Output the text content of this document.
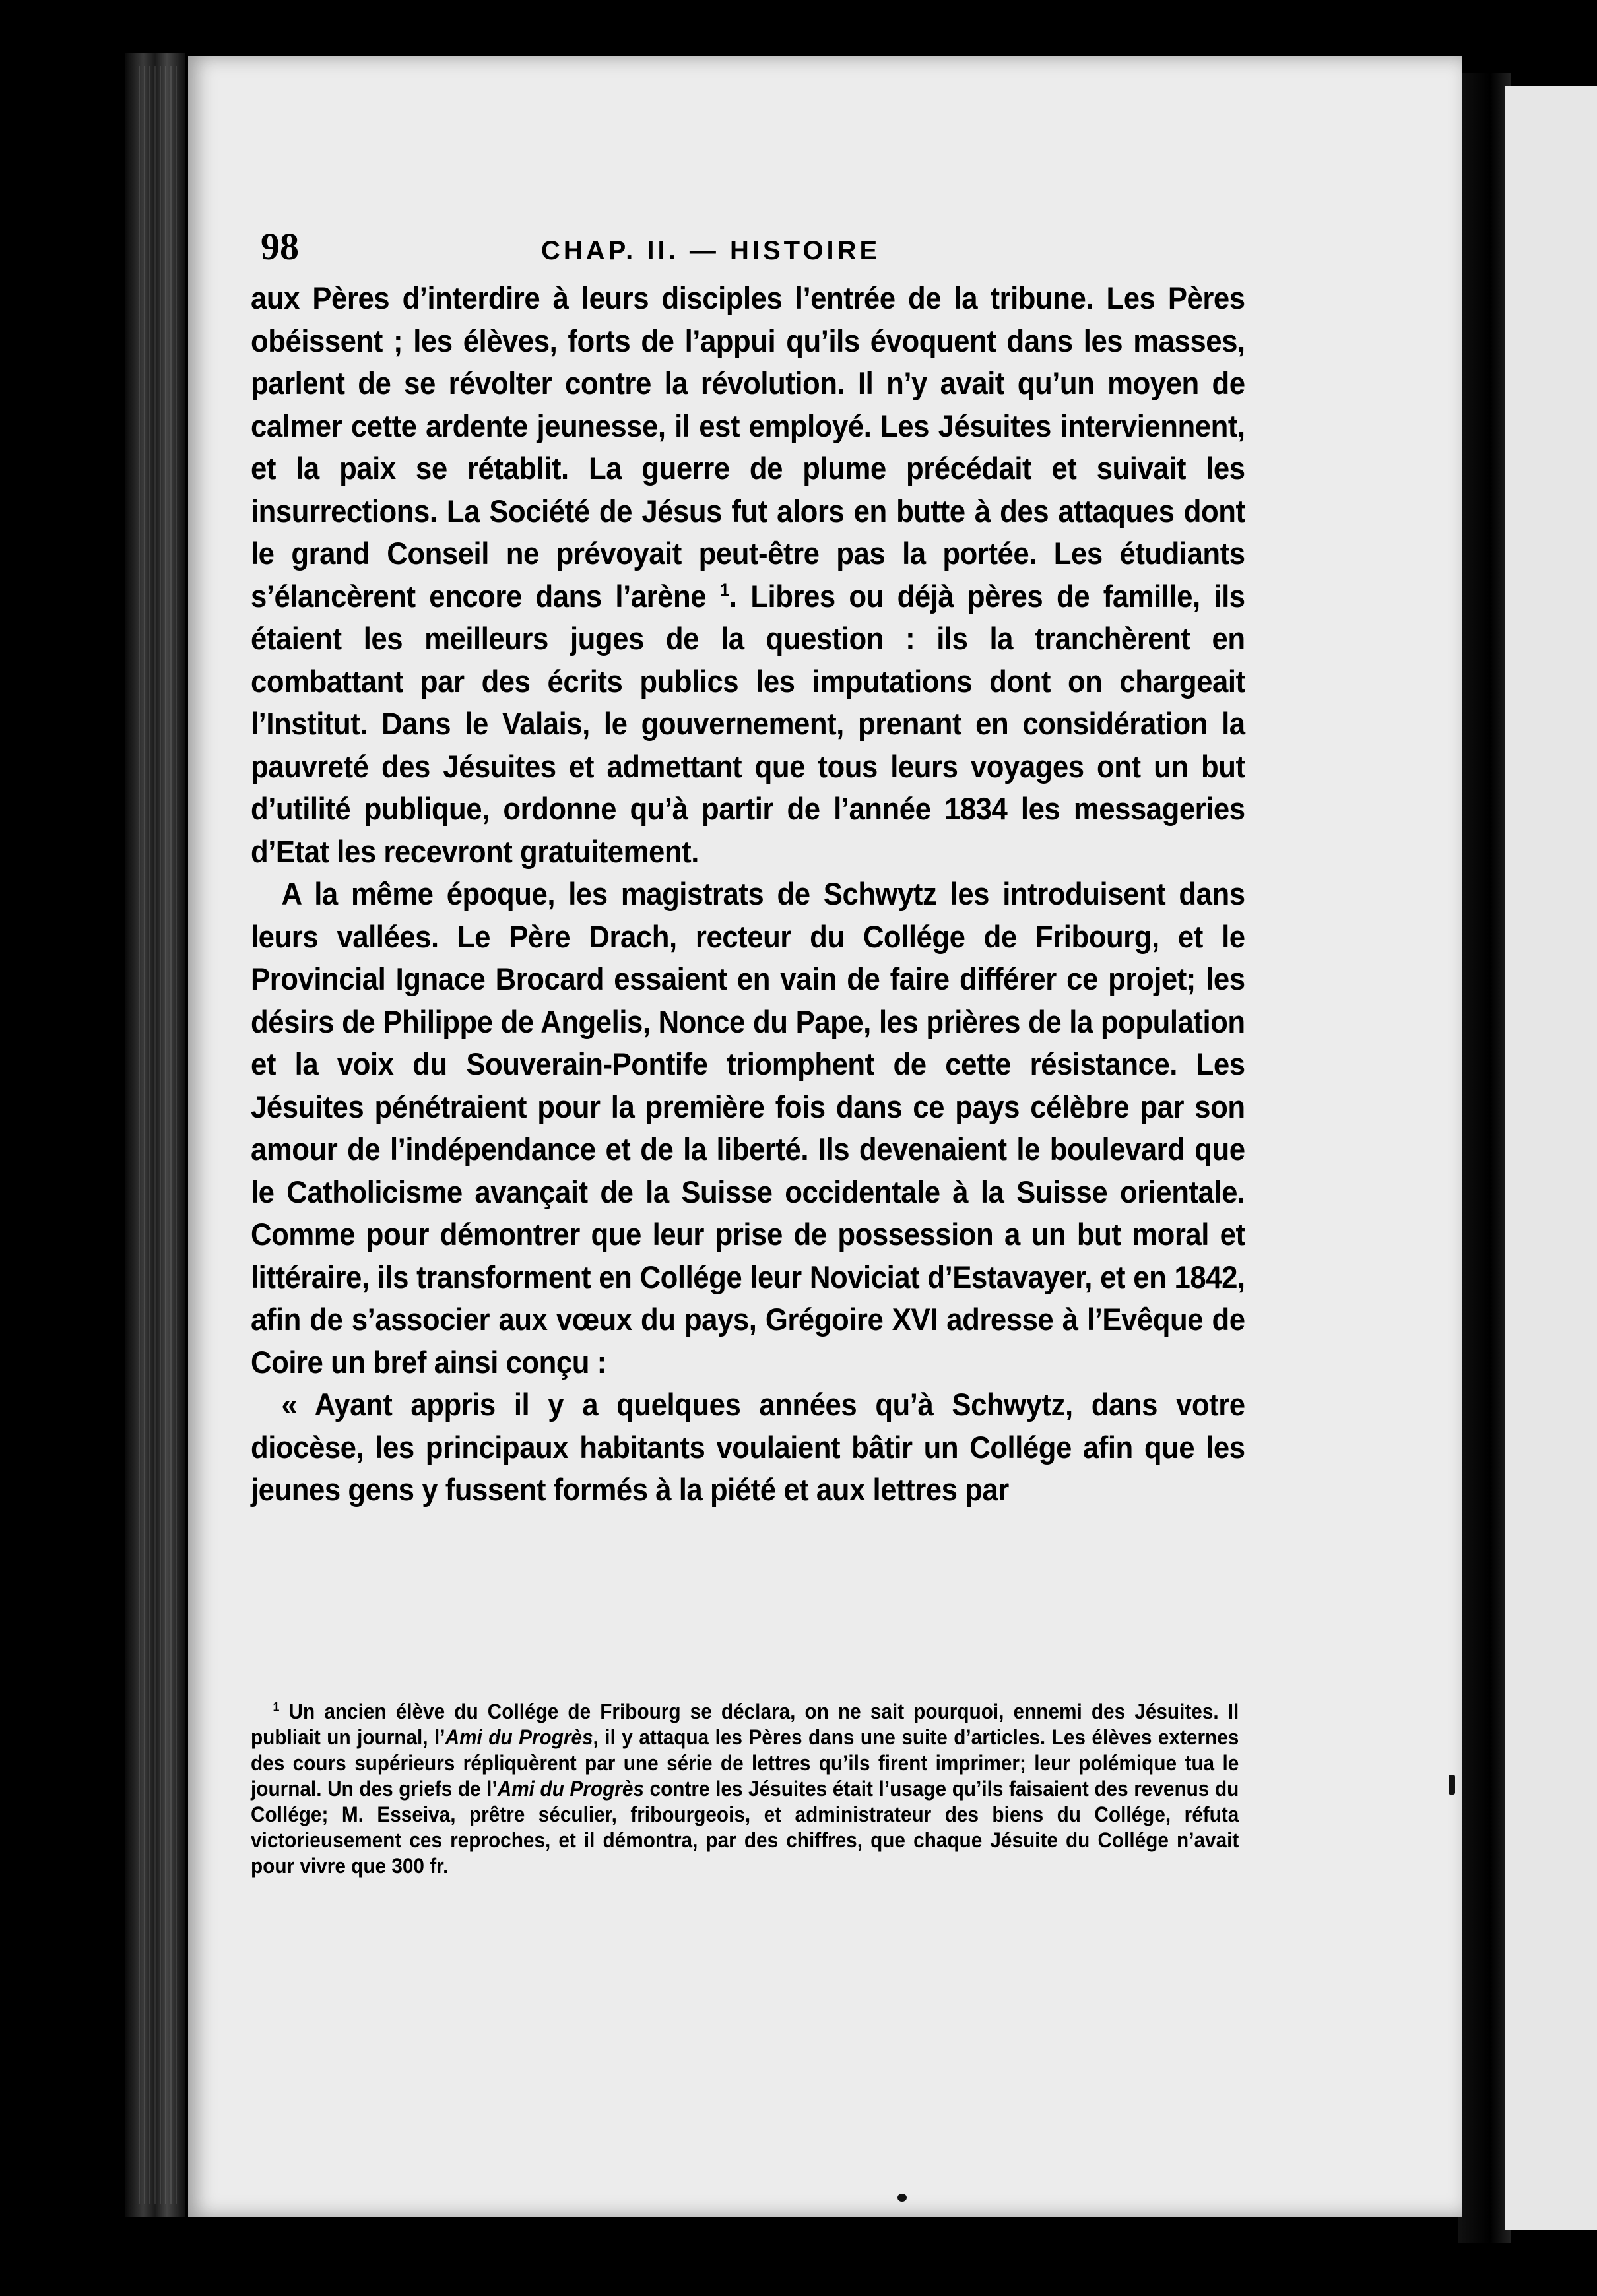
98	CHAP. II. — HISTOIRE

aux Pères d’interdire à leurs disciples l’entrée de la tribune. Les Pères obéissent ; les élèves, forts de l’appui qu’ils évoquent dans les masses, parlent de se révolter contre la révolution. Il n’y avait qu’un moyen de calmer cette ardente jeunesse, il est employé. Les Jésuites interviennent, et la paix se rétablit. La guerre de plume précédait et suivait les insurrections. La Société de Jésus fut alors en butte à des attaques dont le grand Conseil ne prévoyait peut-être pas la portée. Les étudiants s’élancèrent encore dans l’arène $^1$. Libres ou déjà pères de famille, ils étaient les meilleurs juges de la question : ils la tranchèrent en combattant par des écrits publics les imputations dont on chargeait l’Institut. Dans le Valais, le gouvernement, prenant en considération la pauvreté des Jésuites et admettant que tous leurs voyages ont un but d’utilité publique, ordonne qu’à partir de l’année 1834 les messageries d’Etat les recevront gratuitement.

A la même époque, les magistrats de Schwytz les introduisent dans leurs vallées. Le Père Drach, recteur du Collége de Fribourg, et le Provincial Ignace Brocard essaient en vain de faire différer ce projet; les désirs de Philippe de Angelis, Nonce du Pape, les prières de la population et la voix du Souverain-Pontife triomphent de cette résistance. Les Jésuites pénétraient pour la première fois dans ce pays célèbre par son amour de l’indépendance et de la liberté. Ils devenaient le boulevard que le Catholicisme avançait de la Suisse occidentale à la Suisse orientale. Comme pour démontrer que leur prise de possession a un but moral et littéraire, ils transforment en Collége leur Noviciat d’Estavayer, et en 1842, afin de s’associer aux vœux du pays, Grégoire XVI adresse à l’Evêque de Coire un bref ainsi conçu :

« Ayant appris il y a quelques années qu’à Schwytz, dans votre diocèse, les principaux habitants voulaient bâtir un Collége afin que les jeunes gens y fussent formés à la piété et aux lettres par

$^1$ Un ancien élève du Collége de Fribourg se déclara, on ne sait pourquoi, ennemi des Jésuites. Il publiait un journal, l’Ami du Progrès, il y attaqua les Pères dans une suite d’articles. Les élèves externes des cours supérieurs répliquèrent par une série de lettres qu’ils firent imprimer; leur polémique tua le journal. Un des griefs de l’Ami du Progrès contre les Jésuites était l’usage qu’ils faisaient des revenus du Collége; M. Esseiva, prêtre séculier, fribourgeois, et administrateur des biens du Collége, réfuta victorieusement ces reproches, et il démontra, par des chiffres, que chaque Jésuite du Collége n’avait pour vivre que 300 fr.
